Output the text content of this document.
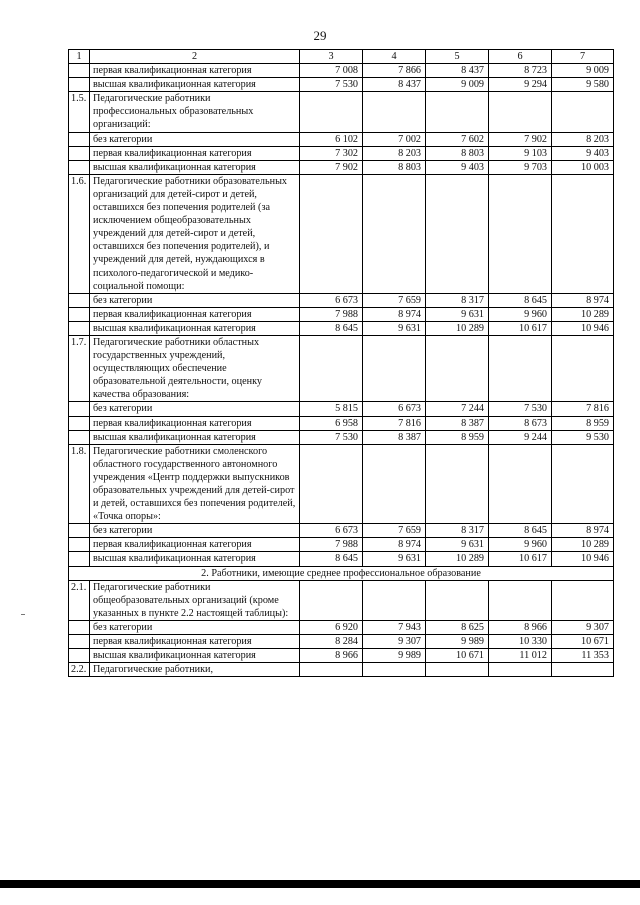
29
1	2	3	4	5	6	7
	первая квалификационная категория	7 008	7 866	8 437	8 723	9 009
	высшая квалификационная категория	7 530	8 437	9 009	9 294	9 580
1.5.	Педагогические работники профессиональных образовательных организаций:					
	без категории	6 102	7 002	7 602	7 902	8 203
	первая квалификационная категория	7 302	8 203	8 803	9 103	9 403
	высшая квалификационная категория	7 902	8 803	9 403	9 703	10 003
1.6.	Педагогические работники образовательных организаций для детей-сирот и детей, оставшихся без попечения родителей (за исключением общеобразовательных учреждений для детей-сирот и детей, оставшихся без попечения родителей), и учреждений для детей, нуждающихся в психолого-педагогической и медико-социальной помощи:					
	без категории	6 673	7 659	8 317	8 645	8 974
	первая квалификационная категория	7 988	8 974	9 631	9 960	10 289
	высшая квалификационная категория	8 645	9 631	10 289	10 617	10 946
1.7.	Педагогические работники областных государственных учреждений, осуществляющих обеспечение образовательной деятельности, оценку качества образования:					
	без категории	5 815	6 673	7 244	7 530	7 816
	первая квалификационная категория	6 958	7 816	8 387	8 673	8 959
	высшая квалификационная категория	7 530	8 387	8 959	9 244	9 530
1.8.	Педагогические работники смоленского областного государственного автономного учреждения «Центр поддержки выпускников образовательных учреждений для детей-сирот и детей, оставшихся без попечения родителей, «Точка опоры»:					
	без категории	6 673	7 659	8 317	8 645	8 974
	первая квалификационная категория	7 988	8 974	9 631	9 960	10 289
	высшая квалификационная категория	8 645	9 631	10 289	10 617	10 946
2. Работники, имеющие среднее профессиональное образование						
2.1.	Педагогические работники общеобразовательных организаций (кроме указанных в пункте 2.2 настоящей таблицы):					
	без категории	6 920	7 943	8 625	8 966	9 307
	первая квалификационная категория	8 284	9 307	9 989	10 330	10 671
	высшая квалификационная категория	8 966	9 989	10 671	11 012	11 353
2.2.	Педагогические работники,					
